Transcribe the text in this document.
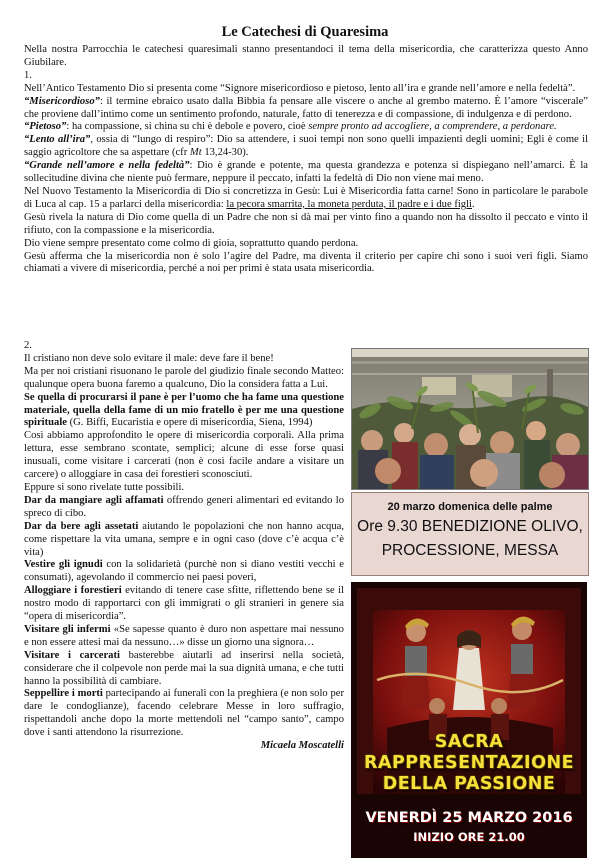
Le Catechesi di Quaresima

Nella nostra Parrocchia le catechesi quaresimali stanno presentandoci il tema della misericordia, che caratterizza questo Anno Giubilare.

1.

Nell’Antico Testamento Dio si presenta come “Signore misericordioso e pietoso, lento all’ira e grande nell’amore e nella fedeltà”.

“Misericordioso”: il termine ebraico usato dalla Bibbia fa pensare alle viscere o anche al grembo materno. È l’amore “viscerale” che proviene dall’intimo come un sentimento profondo, naturale, fatto di tenerezza e di compassione, di indulgenza e di perdono.

“Pietoso”: ha compassione, si china su chi è debole e povero, cioè sempre pronto ad accogliere, a comprendere, a perdonare.

“Lento all’ira”, ossia di “lungo di respiro”: Dio sa attendere, i suoi tempi non sono quelli impazienti degli uomini; Egli è come il saggio agricoltore che sa aspettare (cfr Mt 13,24-30).

“Grande nell’amore e nella fedeltà”: Dio è grande e potente, ma questa grandezza e potenza si dispiegano nell’amarci. È la sollecitudine divina che niente può fermare, neppure il peccato, infatti la fedeltà di Dio non viene mai meno.

Nel Nuovo Testamento la Misericordia di Dio si concretizza in Gesù: Lui è Misericordia fatta carne! Sono in particolare le parabole di Luca al cap. 15 a parlarci della misericordia: la pecora smarrita, la moneta perduta, il padre e i due figli.

Gesù rivela la natura di Dio come quella di un Padre che non si dà mai per vinto fino a quando non ha dissolto il peccato e vinto il rifiuto, con la compassione e la misericordia.

Dio viene sempre presentato come colmo di gioia, soprattutto quando perdona.

Gesù afferma che la misericordia non è solo l’agire del Padre, ma diventa il criterio per capire chi sono i suoi veri figli. Siamo chiamati a vivere di misericordia, perché a noi per primi è stata usata misericordia.

2.

Il cristiano non deve solo evitare il male: deve fare il bene!

Ma per noi cristiani risuonano le parole del giudizio finale secondo Matteo: qualunque opera buona faremo a qualcuno, Dio la considera fatta a Lui.

Se quella di procurarsi il pane è per l’uomo che ha fame una questione materiale, quella della fame di un mio fratello è per me una questione spirituale (G. Biffi, Eucaristia e opere di misericordia, Siena, 1994)

Così abbiamo approfondito le opere di misericordia corporali. Alla prima lettura, esse sembrano scontate, semplici; alcune di esse forse quasi inusuali, come visitare i carcerati (non è così facile andare a visitare un carcere) o alloggiare in casa dei forestieri sconosciuti.

Eppure si sono rivelate tutte possibili.

Dar da mangiare agli affamati offrendo generi alimentari ed evitando lo spreco di cibo.

Dar da bere agli assetati aiutando le popolazioni che non hanno acqua, come rispettare la vita umana, sempre e in ogni caso (dove c’è acqua c’è vita)

Vestire gli ignudi con la solidarietà (purchè non si diano vestiti vecchi e consumati), agevolando il commercio nei paesi poveri,

Alloggiare i forestieri evitando di tenere case sfitte, riflettendo bene se il nostro modo di rapportarci con gli immigrati o gli stranieri in genere sia “opera di misericordia”.

Visitare gli infermi «Se sapesse quanto è duro non aspettare mai nessuno e non essere attesi mai da nessuno…» disse un giorno una signora…

Visitare i carcerati basterebbe aiutarli ad inserirsi nella società, considerare che il colpevole non perde mai la sua dignità umana, e che tutti hanno la possibilità di cambiare.

Seppellire i morti partecipando ai funerali con la preghiera (e non solo per dare le condoglianze), facendo celebrare Messe in loro suffragio, rispettandoli anche dopo la morte mettendoli nel “campo santo”, campo dove i santi attendono la risurrezione.

Micaela Moscatelli

20 marzo domenica delle palme
Ore 9.30 BENEDIZIONE OLIVO,
PROCESSIONE, MESSA
SACRA
RAPPRESENTAZIONE
DELLA PASSIONE
VENERDÌ 25 MARZO 2016
INIZIO ORE 21.00
